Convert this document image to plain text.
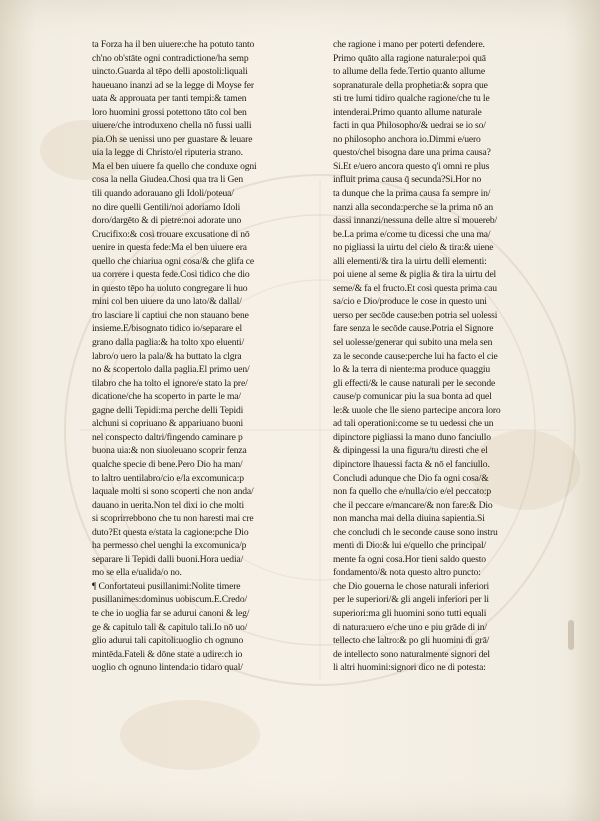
ta Forza ha il ben uiuere:che ha potuto tanto
ch'no ob'stāte ogni contradictione/ha semp
uincto.Guarda al tēpo delli apostoli:liquali
haueuano inanzi ad se la legge di Moyse fer
uata & approuata per tanti tempi:& tamen
loro huomini grossi potettono tāto col ben
uiuere/che introduxeno chella nō fussi ualli
pia.Oh se uenissi uno per guastare & leuare
uia la legge di Christo/el riputeria strano.
Ma el ben uiuere fa quello che conduxe ogni
cosa la nella Giudea.Chosi qua tra li Gen
tili quando adorauano gli Idoli/poteua/
no dire quelli Gentili/noi adoriamo Idoli
doro/dargēto & di pietre:noi adorate uno
Crucifixo:& così trouare excusatione di nō
uenire in questa fede:Ma el ben uiuere era
quello che chiariua ogni cosa/& che glifa ce
ua correre i questa fede.Così tidico che dio
in questo tēpo ha uoluto congregare li huo
mini col ben uiuere da uno lato/& dallal/
tro lasciare li captiui che non stauano bene
insieme.E/bisognato tidico io/separare el
grano dalla paglia:& ha tolto xpo eluenti/
labro/o uero la pala/& ha buttato la clgra
no & scopertolo dalla paglia.El primo uen/
tilabro che ha tolto el ignore/e stato la pre/
dicatione/che ha scoperto in parte le ma/
gagne delli Tepidi:ma perche delli Tepidi
alchuni si copriuano & appariuano buoni
nel conspecto daltri/fingendo caminare p
buona uia:& non siuoleuano scoprir fenza
qualche specie di bene.Pero Dio ha man/
to laltro uentilabro/cio e/la excomunica:p
laquale molti si sono scoperti che non anda/
dauano in uerita.Non tel dixi io che molti
si scoprirrebbono che tu non haresti mai cre
duto?Et questa e/stata la cagione:pche Dio
ha permesso chel uenghi la excomunica/p
separare li Tepidi dalli buoni.Hora uedia/
mo se ella e/ualida/o no.
¶ Confortateui pusillanimi:Nolite timere
pusillanimes:dominus uobiscum.E.Credo/
te che io uoglia far se adurui canoni & leg/
ge & capitulo tali & capitulo tali.Io nō uo/
glio adurui tali capitoli:uoglio ch ognuno
mintēda.Fateli & dōne state a udire:ch io
uoglio ch ognuno lintenda:io tidaro qual/
che ragione i mano per poterti defendere.
Primo quāto alla ragione naturale:poi quā
to allume della fede.Tertio quanto allume
sopranaturale della prophetia:& sopra que
sti tre lumi tidiro qualche ragione/che tu le
intenderai.Primo quanto allume naturale
facti in qua Philosopho/& uedrai se io so/
no philosopho anchora io.Dimmi e/uero
questo/chel bisogna dare una prima causa?
Si.Et e/uero ancora questo q'i omni re plus
influit prima causa q̄ secunda?Si.Hor no
ta dunque che la prima causa fa sempre in/
nanzi alla seconda:perche se la prima nō an
dassi innanzi/nessuna delle altre si mouereb/
be.La prima e/come tu dicessi che una ma/
no pigliassi la uirtu del cielo & tira:& uiene
alli elementi/& tira la uirtu delli elementi:
poi uiene al seme & piglia & tira la uirtu del
seme/& fa el fructo.Et così questa prima cau
sa/cio e Dio/produce le cose in questo uni
uerso per secōde cause:ben potria sel uolessi
fare senza le secōde cause.Potria el Signore
sel uolesse/generar qui subito una mela sen
za le seconde cause:perche lui ha facto el cie
lo & la terra di niente:ma produce quaggiu
gli effecti/& le cause naturali per le seconde
cause/p comunicar piu la sua bonta ad quel
le:& uuole che lle sieno partecipe ancora lorο
ad tali operationi:come se tu uedessi che un
dipinctore pigliassi la mano duno fanciullo
& dipingessi la una figura/tu diresti che el
dipinctore lhauessi facta & nō el fanciullo.
Concludi adunque che Dio fa ogni cosa/&
non fa quello che e/nulla/cio e/el peccato:p
che il peccare e/mancare/& non fare:& Dio
non mancha mai della diuina sapientia.Si
che concludi ch le seconde cause sono instru
menti di Dio:& lui e/quello che principal/
mente fa ogni cosa.Hor tieni saldo questo
fondamento/& nota questo altro puncto:
che Dio gouerna le chose naturali inferiori
per le superiori/& gli angeli inferiori per li
superiori:ma gli huomini sono tutti equali
di natura:uero e/che uno e piu grāde di in/
tellecto che laltro:& po gli huomini di grā/
de intellecto sono naturalmente signori del
li altri huomini:signori dico ne di potesta:
